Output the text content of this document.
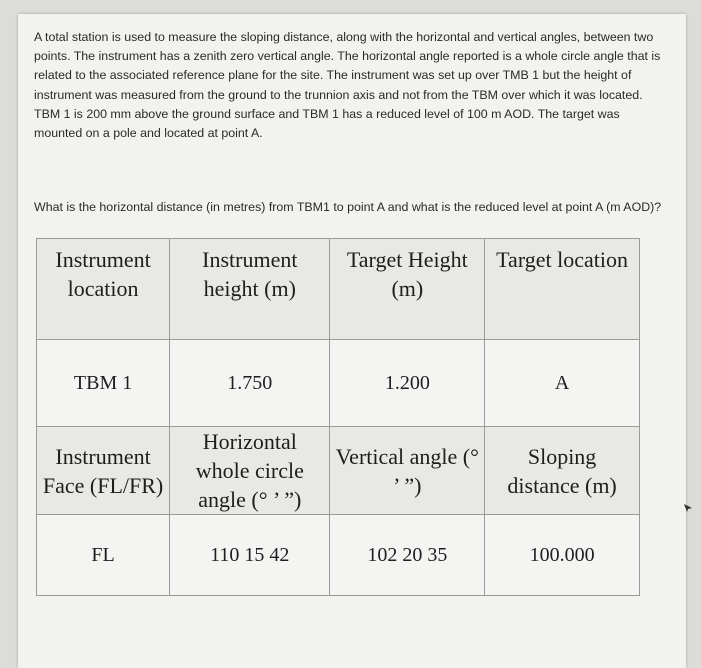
A total station is used to measure the sloping distance, along with the horizontal and vertical angles, between two points. The instrument has a zenith zero vertical angle. The horizontal angle reported is a whole circle angle that is related to the associated reference plane for the site. The instrument was set up over TMB 1 but the height of instrument was measured from the ground to the trunnion axis and not from the TBM over which it was located. TBM 1 is 200 mm above the ground surface and TBM 1 has a reduced level of 100 m AOD. The target was mounted on a pole and located at point A.

What is the horizontal distance (in metres) from TBM1 to point A and what is the reduced level at point A (m AOD)?

Instrument location	Instrument height (m)	Target Height (m)	Target location
TBM 1	1.750	1.200	A
Instrument Face (FL/FR)	Horizontal whole circle angle (° ’ ”)	Vertical angle (° ’ ”)	Sloping distance (m)
FL	110 15 42	102 20 35	100.000
